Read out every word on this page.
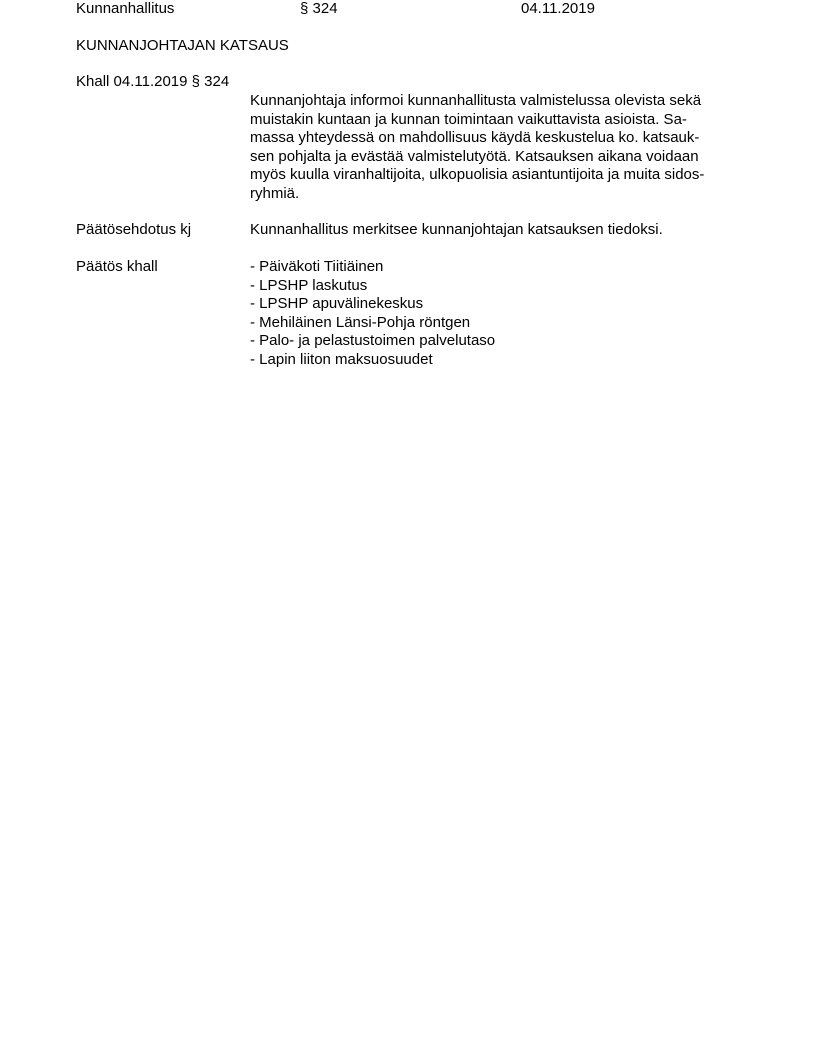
Kunnanhallitus	§ 324	04.11.2019
KUNNANJOHTAJAN KATSAUS
Khall 04.11.2019 § 324

Kunnanjohtaja informoi kunnanhallitusta valmistelussa olevista sekä

muistakin kuntaan ja kunnan toimintaan vaikuttavista asioista. Sa-

massa yhteydessä on mahdollisuus käydä keskustelua ko. katsauk-

sen pohjalta ja evästää valmistelutyötä. Katsauksen aikana voidaan

myös kuulla viranhaltijoita, ulkopuolisia asiantuntijoita ja muita sidos-

ryhmiä.

Päätösehdotus kj	Kunnanhallitus merkitsee kunnanjohtajan katsauksen tiedoksi.
Päätös khall	- Päiväkoti Tiitiäinen
- LPSHP laskutus
- LPSHP apuvälinekeskus
- Mehiläinen Länsi-Pohja röntgen
- Palo- ja pelastustoimen palvelutaso
- Lapin liiton maksuosuudet
